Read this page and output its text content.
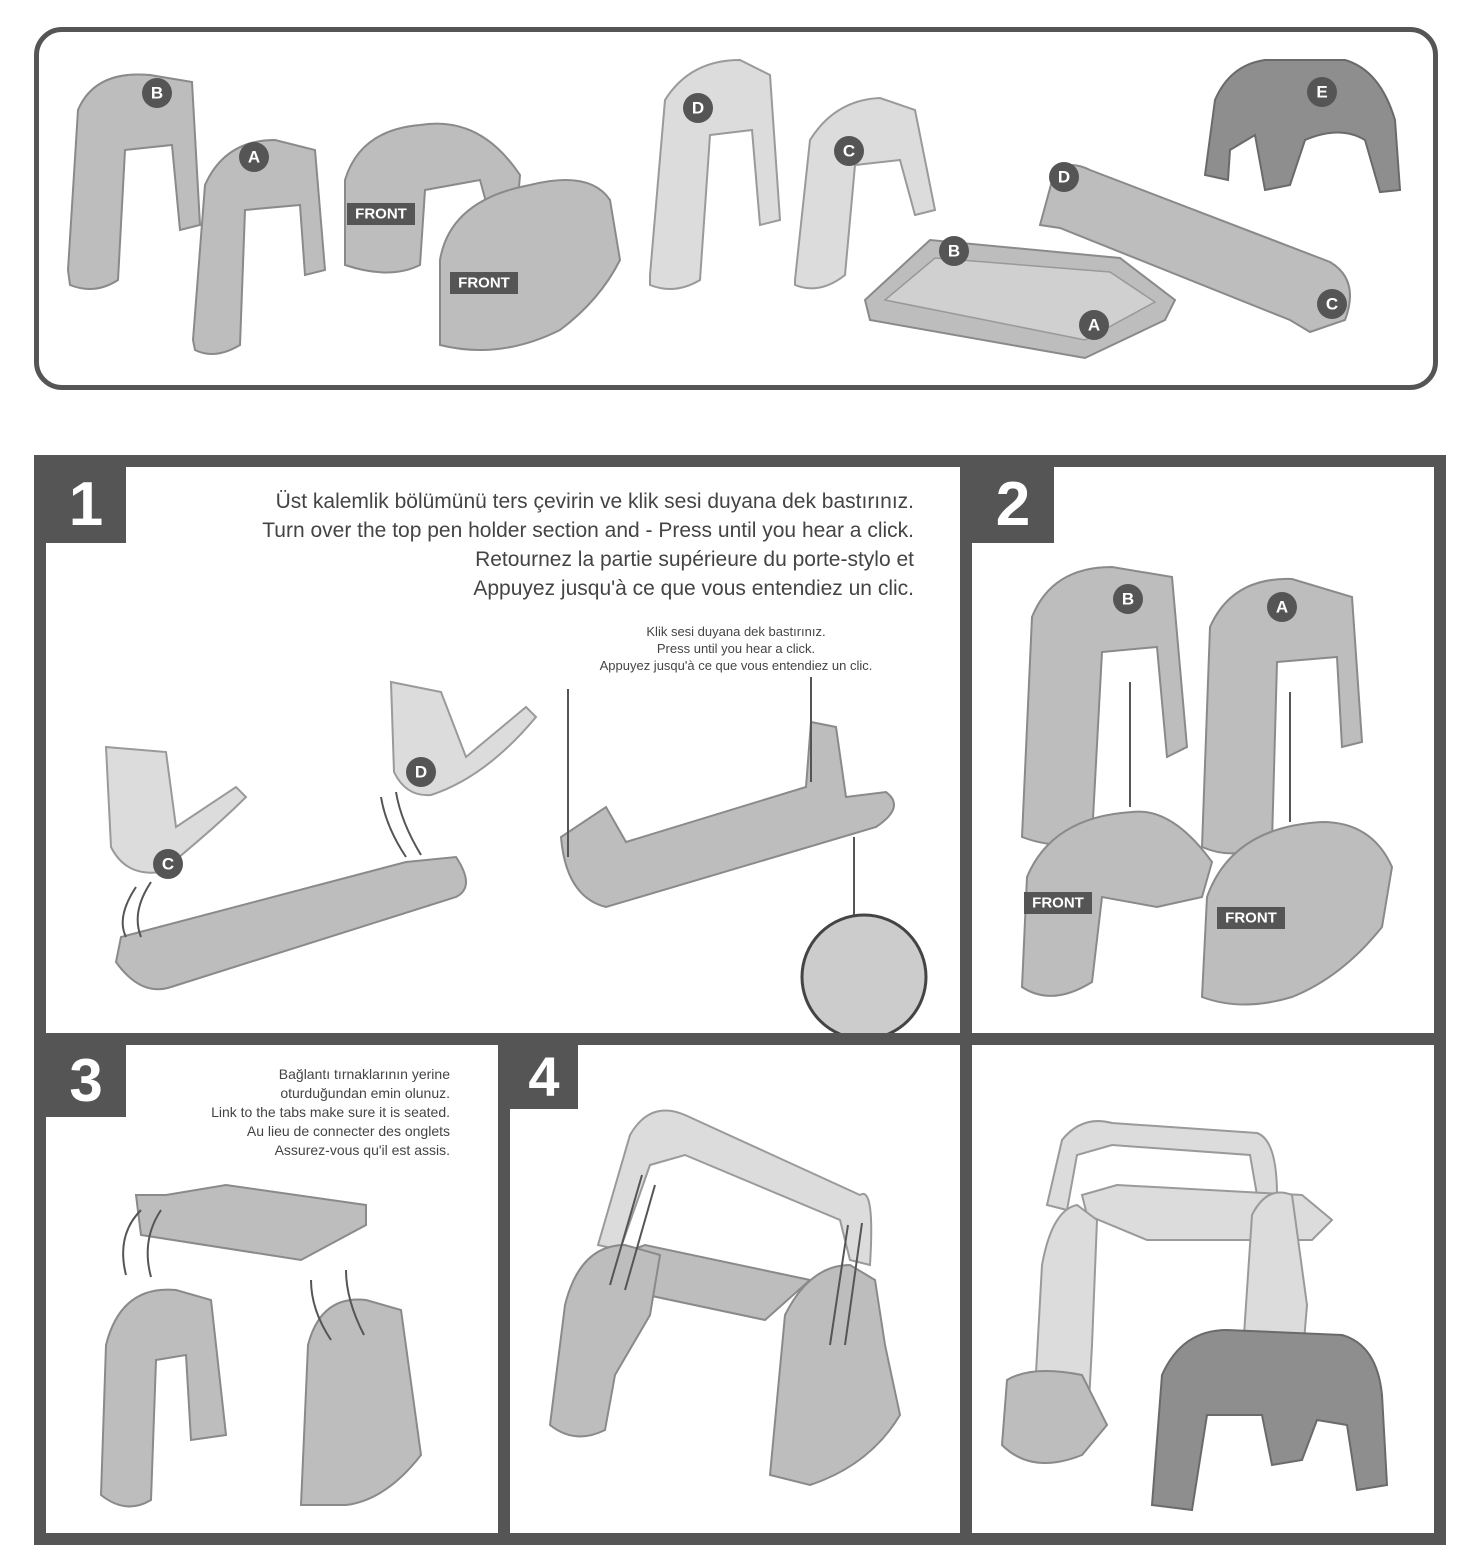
B
A
FRONT
FRONT
D
C
B
A
D
C
E
1	Üst kalemlik bölümünü ters çevirin ve klik sesi duyana dek bastırınız.
Turn over the top pen holder section and - Press until you hear a click.
Retournez la partie supérieure du porte-stylo et
Appuyez jusqu'à ce que vous entendiez un clic.
Klik sesi duyana dek bastırınız.
Press until you hear a click.
Appuyez jusqu'à ce que vous entendiez un clic.
C
D
2
B	A
FRONT
FRONT
3	Bağlantı tırnaklarının yerine
oturduğundan emin olunuz.
Link to the tabs make sure it is seated.
Au lieu de connecter des onglets
Assurez-vous qu'il est assis.
4
